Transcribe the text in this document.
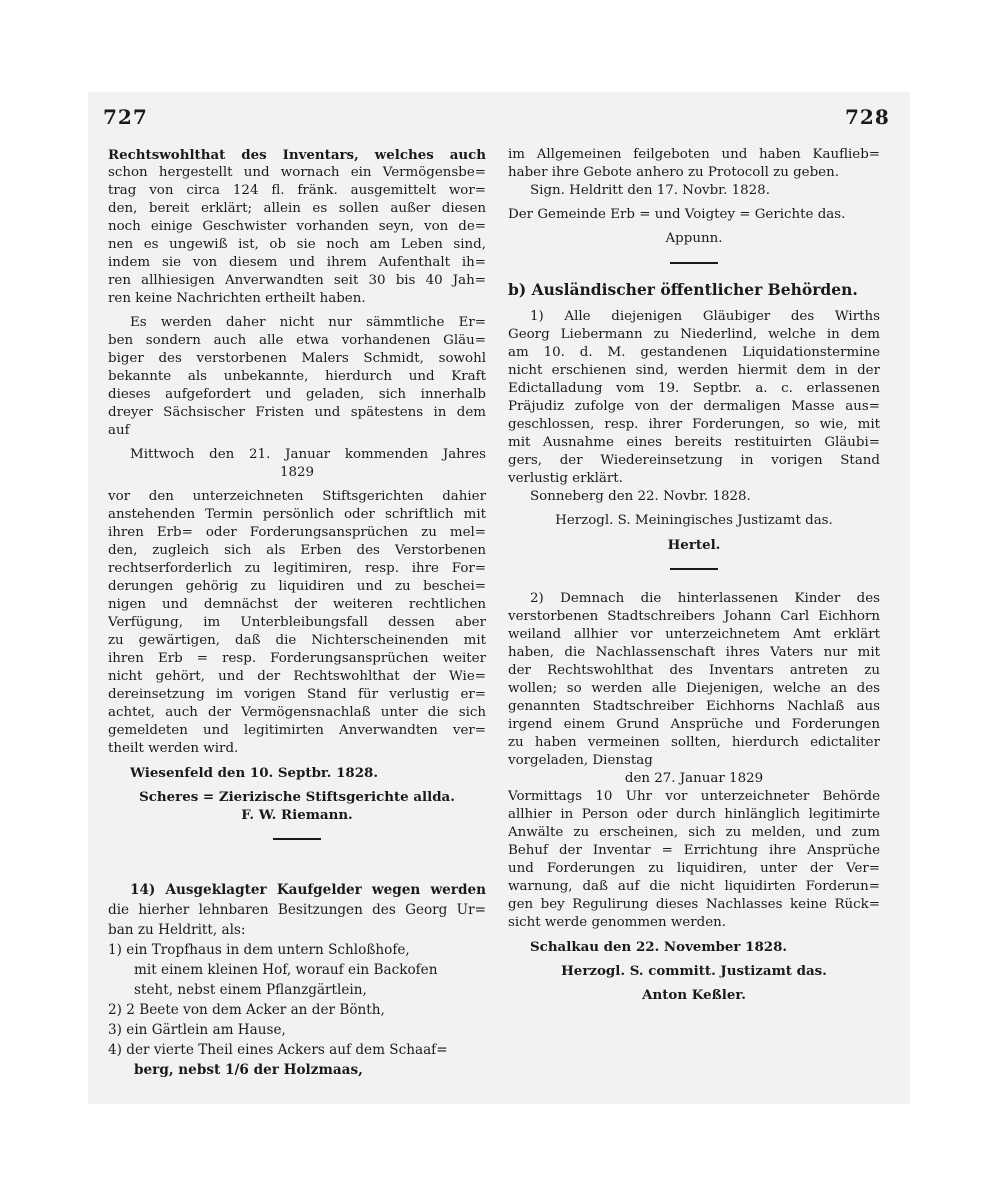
727	728
Rechtswohlthat des Inventars, welches auch
schon hergestellt und wornach ein Vermögensbe=
trag von circa 124 fl. fränk. ausgemittelt wor=
den, bereit erklärt; allein es sollen außer diesen
noch einige Geschwister vorhanden seyn, von de=
nen es ungewiß ist, ob sie noch am Leben sind,
indem sie von diesem und ihrem Aufenthalt ih=
ren allhiesigen Anverwandten seit 30 bis 40 Jah=
ren keine Nachrichten ertheilt haben.
Es werden daher nicht nur sämmtliche Er=
ben sondern auch alle etwa vorhandenen Gläu=
biger des verstorbenen Malers Schmidt, sowohl
bekannte als unbekannte, hierdurch und Kraft
dieses aufgefordert und geladen, sich innerhalb
dreyer Sächsischer Fristen und spätestens in dem
auf
Mittwoch den 21. Januar kommenden Jahres
1829
vor den unterzeichneten Stiftsgerichten dahier
anstehenden Termin persönlich oder schriftlich mit
ihren Erb= oder Forderungsansprüchen zu mel=
den, zugleich sich als Erben des Verstorbenen
rechtserforderlich zu legitimiren, resp. ihre For=
derungen gehörig zu liquidiren und zu beschei=
nigen und demnächst der weiteren rechtlichen
Verfügung, im Unterbleibungsfall dessen aber
zu gewärtigen, daß die Nichterscheinenden mit
ihren Erb = resp. Forderungsansprüchen weiter
nicht gehört, und der Rechtswohlthat der Wie=
dereinsetzung im vorigen Stand für verlustig er=
achtet, auch der Vermögensnachlaß unter die sich
gemeldeten und legitimirten Anverwandten ver=
theilt werden wird.
Wiesenfeld den 10. Septbr. 1828.
Scheres = Zierizische Stiftsgerichte allda.
F. W. Riemann.
14) Ausgeklagter Kaufgelder wegen werden
die hierher lehnbaren Besitzungen des Georg Ur=
ban zu Heldritt, als:
1) ein Tropfhaus in dem untern Schloßhofe,
mit einem kleinen Hof, worauf ein Backofen
steht, nebst einem Pflanzgärtlein,
2) 2 Beete von dem Acker an der Bönth,
3) ein Gärtlein am Hause,
4) der vierte Theil eines Ackers auf dem Schaaf=
berg, nebst 1/6 der Holzmaas,
im Allgemeinen feilgeboten und haben Kauflieb=
haber ihre Gebote anhero zu Protocoll zu geben.
Sign. Heldritt den 17. Novbr. 1828.
Der Gemeinde Erb = und Voigtey = Gerichte das.
Appunn.
b) Ausländischer öffentlicher Behörden.
1) Alle diejenigen Gläubiger des Wirths
Georg Liebermann zu Niederlind, welche in dem
am 10. d. M. gestandenen Liquidationstermine
nicht erschienen sind, werden hiermit dem in der
Edictalladung vom 19. Septbr. a. c. erlassenen
Präjudiz zufolge von der dermaligen Masse aus=
geschlossen, resp. ihrer Forderungen, so wie, mit
mit Ausnahme eines bereits restituirten Gläubi=
gers, der Wiedereinsetzung in vorigen Stand
verlustig erklärt.
Sonneberg den 22. Novbr. 1828.
Herzogl. S. Meiningisches Justizamt das.
Hertel.
2) Demnach die hinterlassenen Kinder des
verstorbenen Stadtschreibers Johann Carl Eichhorn
weiland allhier vor unterzeichnetem Amt erklärt
haben, die Nachlassenschaft ihres Vaters nur mit
der Rechtswohlthat des Inventars antreten zu
wollen; so werden alle Diejenigen, welche an des
genannten Stadtschreiber Eichhorns Nachlaß aus
irgend einem Grund Ansprüche und Forderungen
zu haben vermeinen sollten, hierdurch edictaliter
vorgeladen, Dienstag
den 27. Januar 1829
Vormittags 10 Uhr vor unterzeichneter Behörde
allhier in Person oder durch hinlänglich legitimirte
Anwälte zu erscheinen, sich zu melden, und zum
Behuf der Inventar = Errichtung ihre Ansprüche
und Forderungen zu liquidiren, unter der Ver=
warnung, daß auf die nicht liquidirten Forderun=
gen bey Regulirung dieses Nachlasses keine Rück=
sicht werde genommen werden.
Schalkau den 22. November 1828.
Herzogl. S. committ. Justizamt das.
Anton Keßler.
